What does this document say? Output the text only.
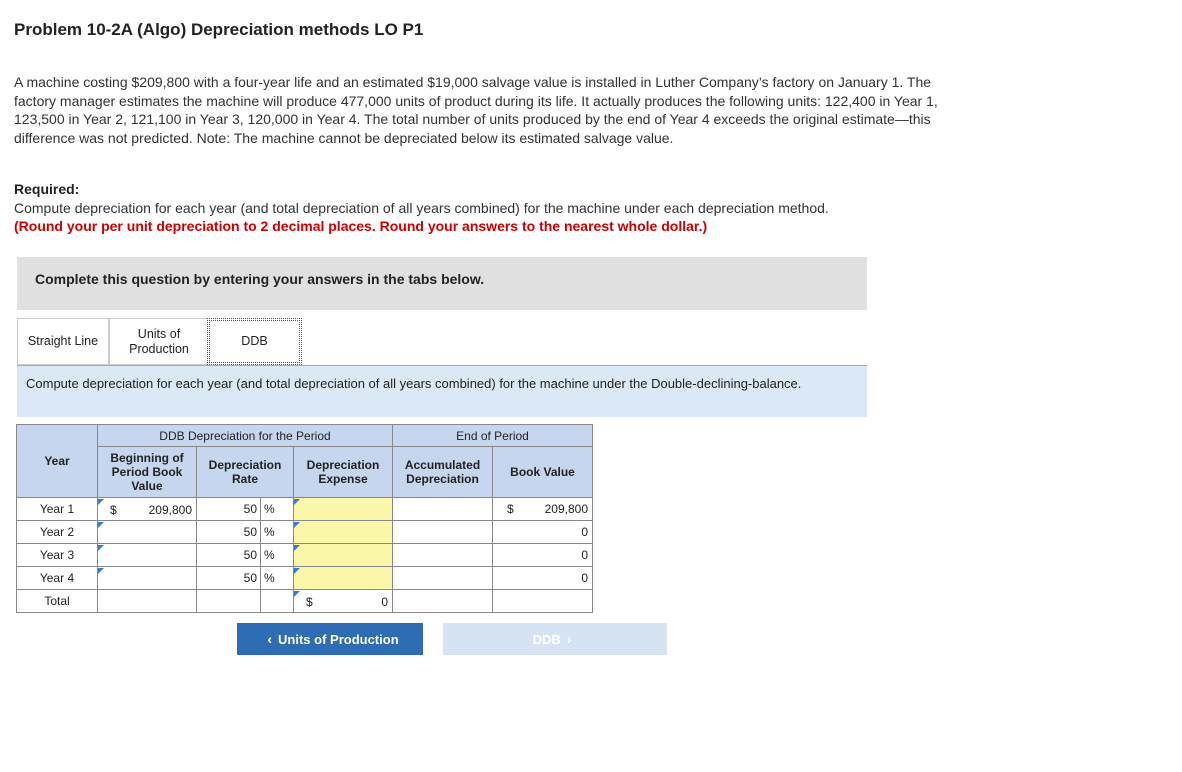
Problem 10-2A (Algo) Depreciation methods LO P1
A machine costing $209,800 with a four-year life and an estimated $19,000 salvage value is installed in Luther Company’s factory on January 1. The factory manager estimates the machine will produce 477,000 units of product during its life. It actually produces the following units: 122,400 in Year 1, 123,500 in Year 2, 121,100 in Year 3, 120,000 in Year 4. The total number of units produced by the end of Year 4 exceeds the original estimate—this difference was not predicted. Note: The machine cannot be depreciated below its estimated salvage value.
Required:
Compute depreciation for each year (and total depreciation of all years combined) for the machine under each depreciation method.
(Round your per unit depreciation to 2 decimal places. Round your answers to the nearest whole dollar.)
Complete this question by entering your answers in the tabs below.
Straight Line
Units of Production
DDB
Compute depreciation for each year (and total depreciation of all years combined) for the machine under the Double-declining-balance.
Year	DDB Depreciation for the Period			End of Period	
	Beginning of Period Book Value	Depreciation Rate	Depreciation Expense	Accumulated Depreciation	Book Value
Year 1	$ 209,800	50 %			$ 209,800

Year 2		50 %			0

Year 3		50 %			0

Year 4		50 %			0

Total			$ 0		

‹ Units of Production	DDB ›
